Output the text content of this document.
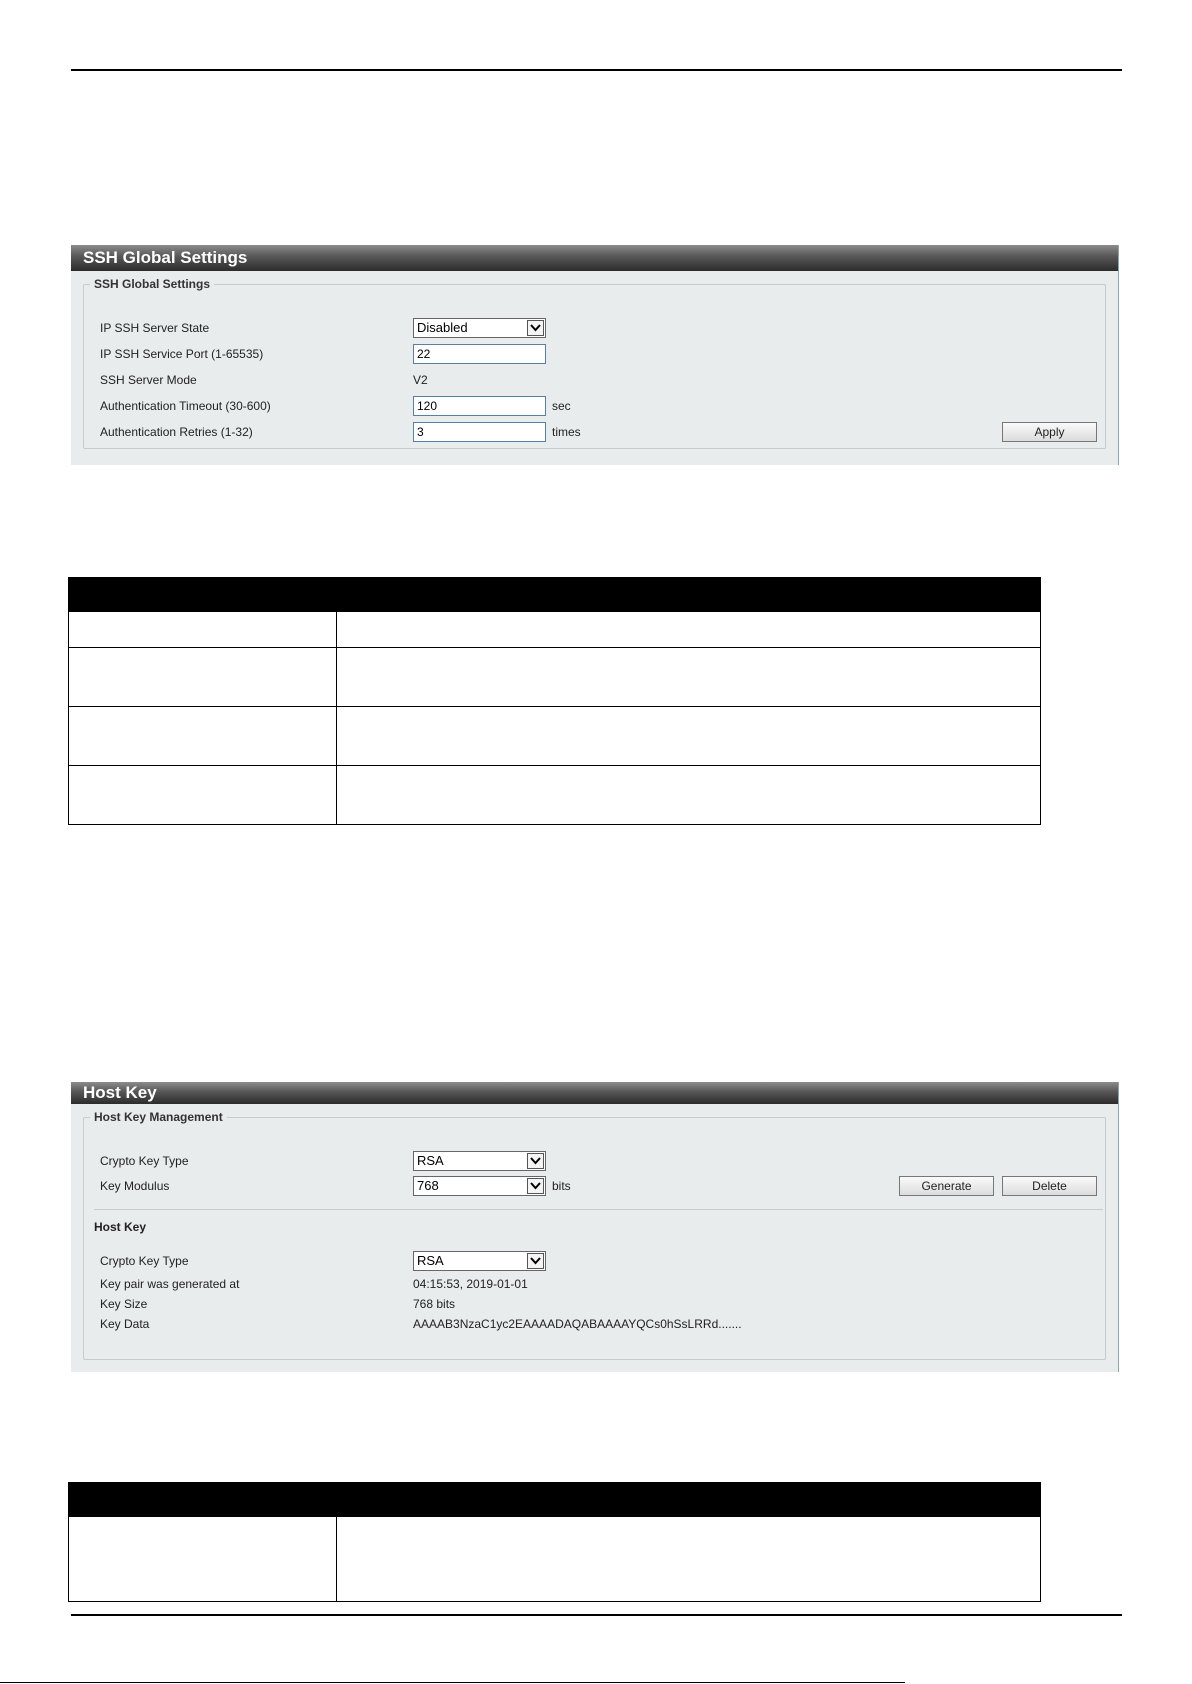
SSH Global Settings
SSH Global Settings
IP SSH Server State	Disabled
IP SSH Service Port (1-65535)	22
SSH Server Mode	V2
Authentication Timeout (30-600)	120	sec
Authentication Retries (1-32)	3	times	Apply
Host Key
Host Key Management
Crypto Key Type	RSA
Key Modulus	768	bits	Generate	Delete
Host Key
Crypto Key Type	RSA
Key pair was generated at	04:15:53, 2019-01-01
Key Size	768 bits
Key Data	AAAAB3NzaC1yc2EAAAADAQABAAAAYQCs0hSsLRRd.......
